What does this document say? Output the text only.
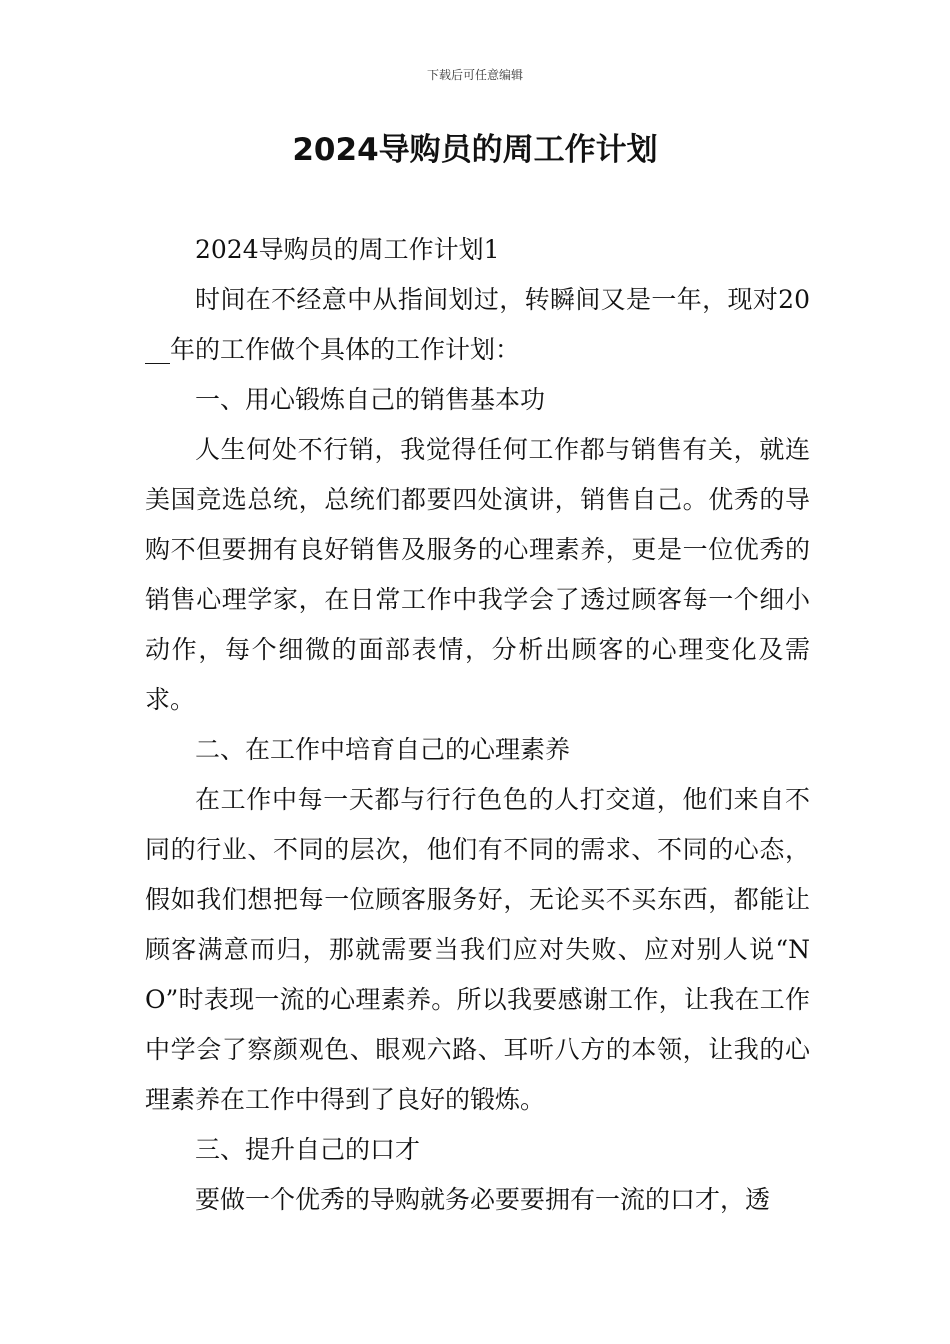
下载后可任意编辑
2024导购员的周工作计划

2024导购员的周工作计划1

时间在不经意中从指间划过，转瞬间又是一年，现对20__年的工作做个具体的工作计划：

一、用心锻炼自己的销售基本功

人生何处不行销，我觉得任何工作都与销售有关，就连美国竞选总统，总统们都要四处演讲，销售自己。优秀的导购不但要拥有良好销售及服务的心理素养，更是一位优秀的销售心理学家，在日常工作中我学会了透过顾客每一个细小动作，每个细微的面部表情，分析出顾客的心理变化及需求。

二、在工作中培育自己的心理素养

在工作中每一天都与行行色色的人打交道，他们来自不同的行业、不同的层次，他们有不同的需求、不同的心态，假如我们想把每一位顾客服务好，无论买不买东西，都能让顾客满意而归，那就需要当我们应对失败、应对别人说“NO”时表现一流的心理素养。所以我要感谢工作，让我在工作中学会了察颜观色、眼观六路、耳听八方的本领，让我的心理素养在工作中得到了良好的锻炼。

三、提升自己的口才

要做一个优秀的导购就务必要要拥有一流的口才，透
